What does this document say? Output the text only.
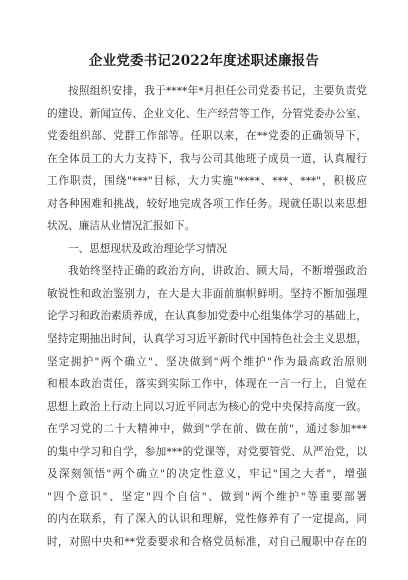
企业党委书记2022年度述职述廉报告
按照组织安排，我于****年*月担任公司党委书记，主要负责党
的建设、新闻宣传、企业文化、生产经营等工作，分管党委办公室、
党委组织部、党群工作部等。任职以来，在**党委的正确领导下，
在全体员工的大力支持下，我与公司其他班子成员一道，认真履行
工作职责，围绕"***"目标，大力实施"****、***、***"，积极应
对各种困难和挑战，较好地完成各项工作任务。现就任职以来思想
状况、廉洁从业情况汇报如下。
一、思想现状及政治理论学习情况
我始终坚持正确的政治方向，讲政治、顾大局，不断增强政治
敏锐性和政治鉴别力，在大是大非面前旗帜鲜明。坚持不断加强理
论学习和政治素质养成，在认真参加党委中心组集体学习的基础上，
坚持定期抽出时间，认真学习习近平新时代中国特色社会主义思想，
坚定拥护"两个确立"、坚决做到"两个维护"作为最高政治原则
和根本政治责任，落实到实际工作中，体现在一言一行上，自觉在
思想上政治上行动上同以习近平同志为核心的党中央保持高度一致。
在学习党的二十大精神中，做到"学在前、做在前"，通过参加***
的集中学习和自学，参加***的党课等，对党要管党、从严治党，以
及深刻领悟"两个确立"的决定性意义，牢记"国之大者"，增强
"四个意识"、坚定"四个自信"、做到"两个维护"等重要部署
的内在联系，有了深入的认识和理解，党性修养有了一定提高，同
时，对照中央和**党委要求和合格党员标准，对自己履职中存在的
